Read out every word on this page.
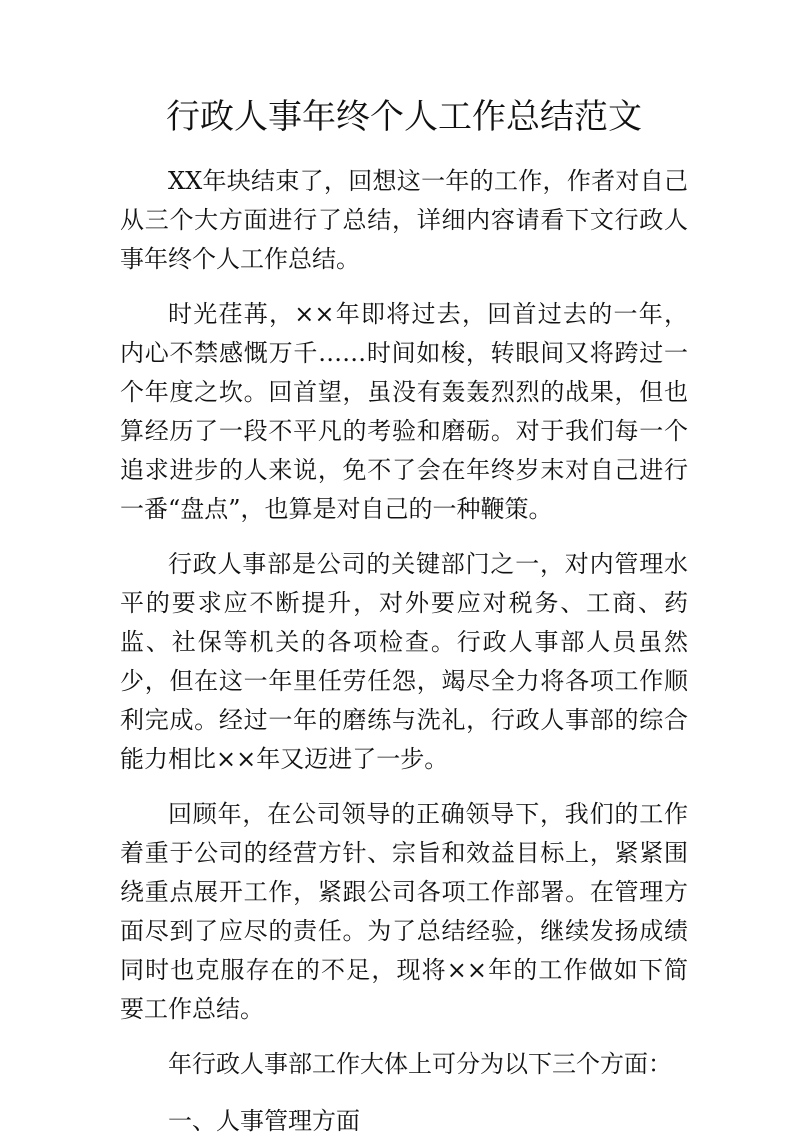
行政人事年终个人工作总结范文

XX年块结束了，回想这一年的工作，作者对自己从三个大方面进行了总结，详细内容请看下文行政人事年终个人工作总结。

时光荏苒，××年即将过去，回首过去的一年，内心不禁感慨万千……时间如梭，转眼间又将跨过一个年度之坎。回首望，虽没有轰轰烈烈的战果，但也算经历了一段不平凡的考验和磨砺。对于我们每一个追求进步的人来说，免不了会在年终岁末对自己进行一番“盘点”，也算是对自己的一种鞭策。

行政人事部是公司的关键部门之一，对内管理水平的要求应不断提升，对外要应对税务、工商、药监、社保等机关的各项检查。行政人事部人员虽然少，但在这一年里任劳任怨，竭尽全力将各项工作顺利完成。经过一年的磨练与洗礼，行政人事部的综合能力相比××年又迈进了一步。

回顾年，在公司领导的正确领导下，我们的工作着重于公司的经营方针、宗旨和效益目标上，紧紧围绕重点展开工作，紧跟公司各项工作部署。在管理方面尽到了应尽的责任。为了总结经验，继续发扬成绩同时也克服存在的不足，现将××年的工作做如下简要工作总结。

年行政人事部工作大体上可分为以下三个方面：

一、人事管理方面
